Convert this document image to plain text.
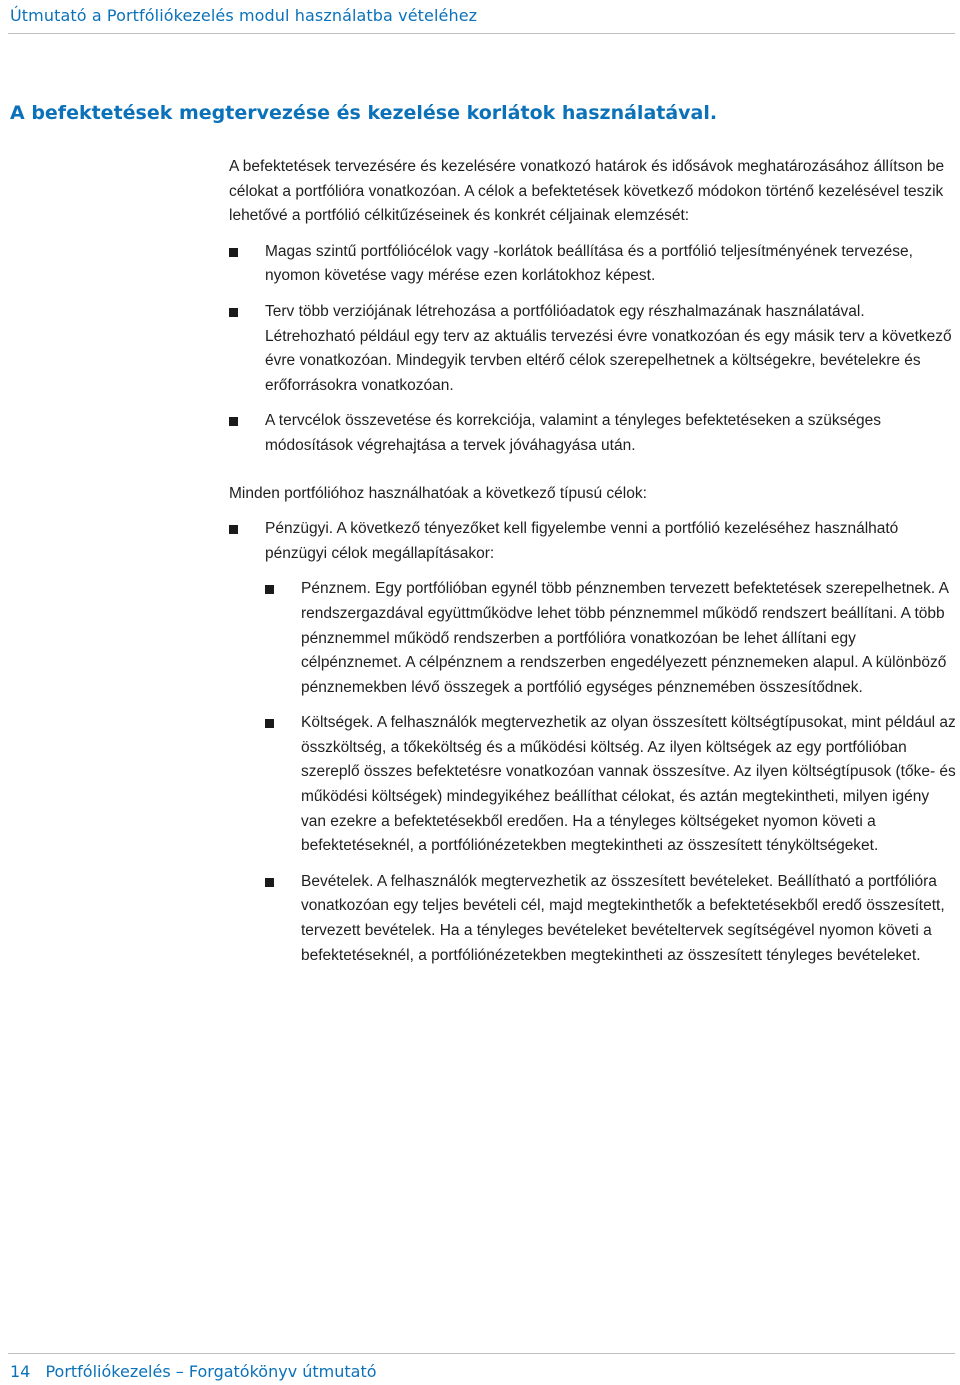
Útmutató a Portfóliókezelés modul használatba vételéhez
A befektetések megtervezése és kezelése korlátok használatával.

A befektetések tervezésére és kezelésére vonatkozó határok és idősávok meghatározásához állítson be célokat a portfólióra vonatkozóan. A célok a befektetések következő módokon történő kezelésével teszik lehetővé a portfólió célkitűzéseinek és konkrét céljainak elemzését:

Magas szintű portfóliócélok vagy -korlátok beállítása és a portfólió teljesítményének tervezése, nyomon követése vagy mérése ezen korlátokhoz képest.
Terv több verziójának létrehozása a portfólióadatok egy részhalmazának használatával. Létrehozható például egy terv az aktuális tervezési évre vonatkozóan és egy másik terv a következő évre vonatkozóan. Mindegyik tervben eltérő célok szerepelhetnek a költségekre, bevételekre és erőforrásokra vonatkozóan.
A tervcélok összevetése és korrekciója, valamint a tényleges befektetéseken a szükséges módosítások végrehajtása a tervek jóváhagyása után.

Minden portfólióhoz használhatóak a következő típusú célok:

Pénzügyi. A következő tényezőket kell figyelembe venni a portfólió kezeléséhez használható pénzügyi célok megállapításakor:
Pénznem. Egy portfólióban egynél több pénznemben tervezett befektetések szerepelhetnek. A rendszergazdával együttműködve lehet több pénznemmel működő rendszert beállítani. A több pénznemmel működő rendszerben a portfólióra vonatkozóan be lehet állítani egy célpénznemet. A célpénznem a rendszerben engedélyezett pénznemeken alapul. A különböző pénznemekben lévő összegek a portfólió egységes pénznemében összesítődnek.
Költségek. A felhasználók megtervezhetik az olyan összesített költségtípusokat, mint például az összköltség, a tőkeköltség és a működési költség. Az ilyen költségek az egy portfólióban szereplő összes befektetésre vonatkozóan vannak összesítve. Az ilyen költségtípusok (tőke- és működési költségek) mindegyikéhez beállíthat célokat, és aztán megtekintheti, milyen igény van ezekre a befektetésekből eredően. Ha a tényleges költségeket nyomon követi a befektetéseknél, a portfóliónézetekben megtekintheti az összesített tényköltségeket.
Bevételek. A felhasználók megtervezhetik az összesített bevételeket. Beállítható a portfólióra vonatkozóan egy teljes bevételi cél, majd megtekinthetők a befektetésekből eredő összesített, tervezett bevételek. Ha a tényleges bevételeket bevételtervek segítségével nyomon követi a befektetéseknél, a portfóliónézetekben megtekintheti az összesített tényleges bevételeket.
14 Portfóliókezelés – Forgatókönyv útmutató
